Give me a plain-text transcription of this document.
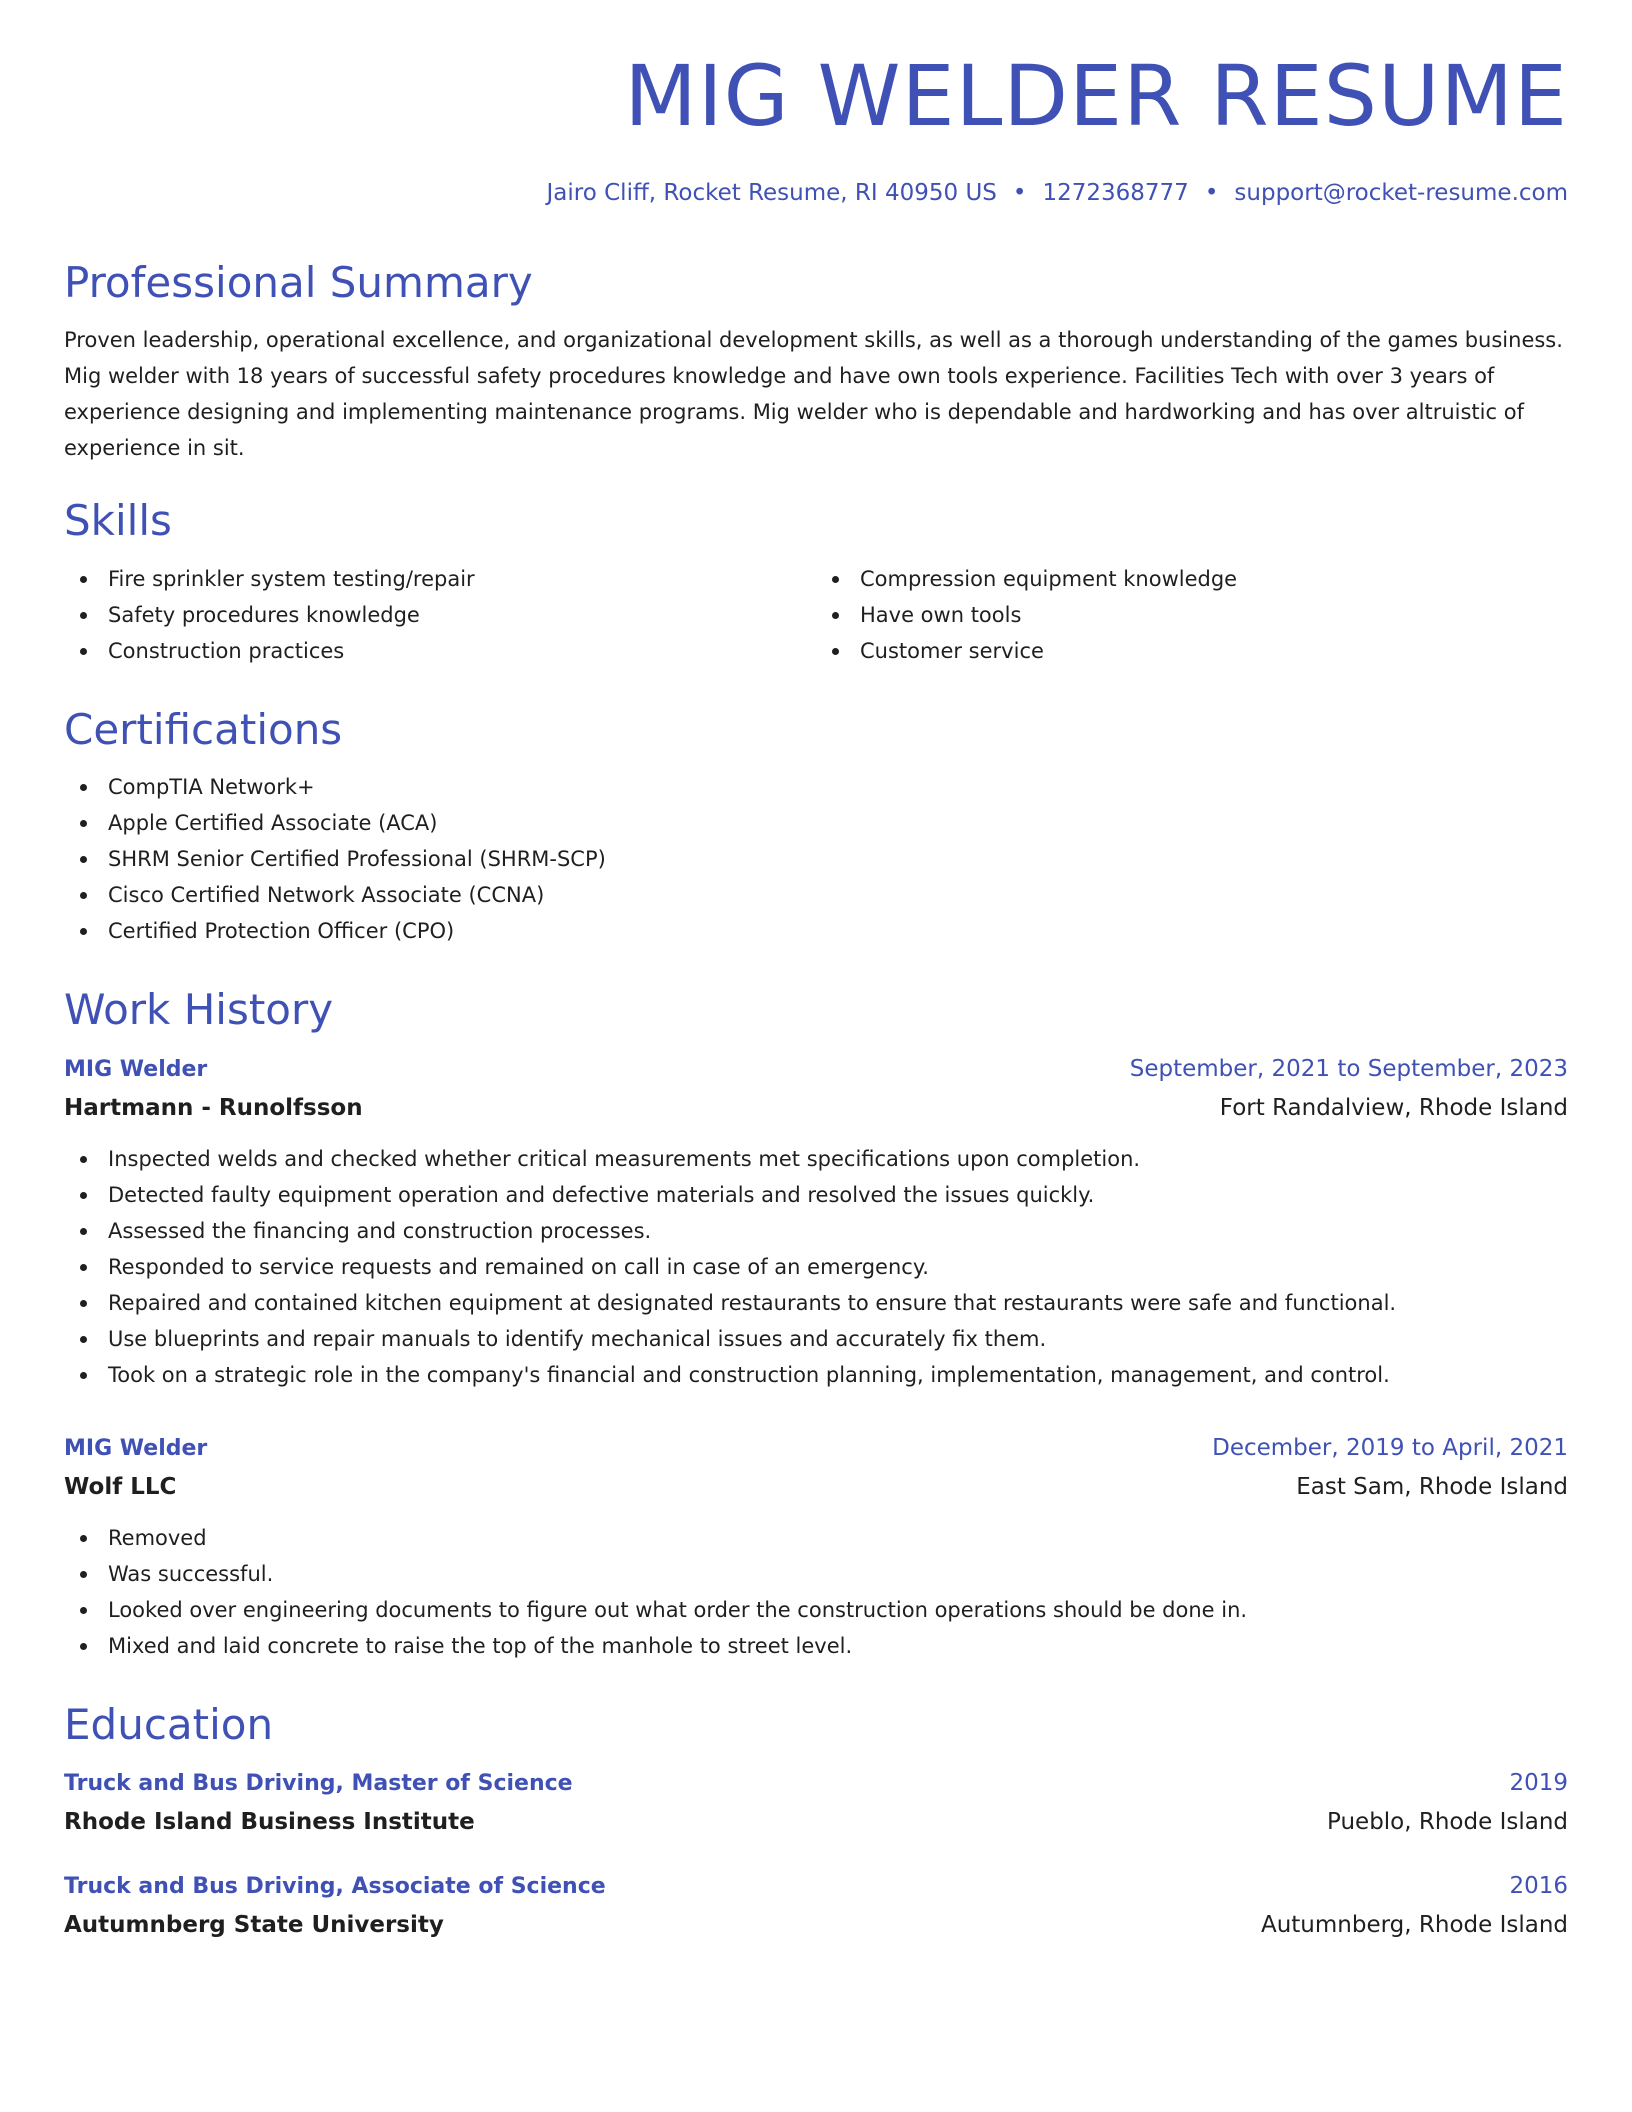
MIG WELDER RESUME
Jairo Cliff, Rocket Resume, RI 40950 US • 1272368777 • support@rocket-resume.com
Professional Summary

Proven leadership, operational excellence, and organizational development skills, as well as a thorough understanding of the games business. Mig welder with 18 years of successful safety procedures knowledge and have own tools experience. Facilities Tech with over 3 years of experience designing and implementing maintenance programs. Mig welder who is dependable and hardworking and has over altruistic of experience in sit.

Skills
Fire sprinkler system testing/repair
Safety procedures knowledge
Construction practices
Compression equipment knowledge
Have own tools
Customer service
Certifications
CompTIA Network+
Apple Certified Associate (ACA)
SHRM Senior Certified Professional (SHRM-SCP)
Cisco Certified Network Associate (CCNA)
Certified Protection Officer (CPO)
Work History
MIG Welder	September, 2021 to September, 2023
Hartmann - Runolfsson	Fort Randalview, Rhode Island
Inspected welds and checked whether critical measurements met specifications upon completion.
Detected faulty equipment operation and defective materials and resolved the issues quickly.
Assessed the financing and construction processes.
Responded to service requests and remained on call in case of an emergency.
Repaired and contained kitchen equipment at designated restaurants to ensure that restaurants were safe and functional.
Use blueprints and repair manuals to identify mechanical issues and accurately fix them.
Took on a strategic role in the company's financial and construction planning, implementation, management, and control.
MIG Welder	December, 2019 to April, 2021
Wolf LLC	East Sam, Rhode Island
Removed
Was successful.
Looked over engineering documents to figure out what order the construction operations should be done in.
Mixed and laid concrete to raise the top of the manhole to street level.
Education
Truck and Bus Driving, Master of Science	2019
Rhode Island Business Institute	Pueblo, Rhode Island
Truck and Bus Driving, Associate of Science	2016
Autumnberg State University	Autumnberg, Rhode Island
